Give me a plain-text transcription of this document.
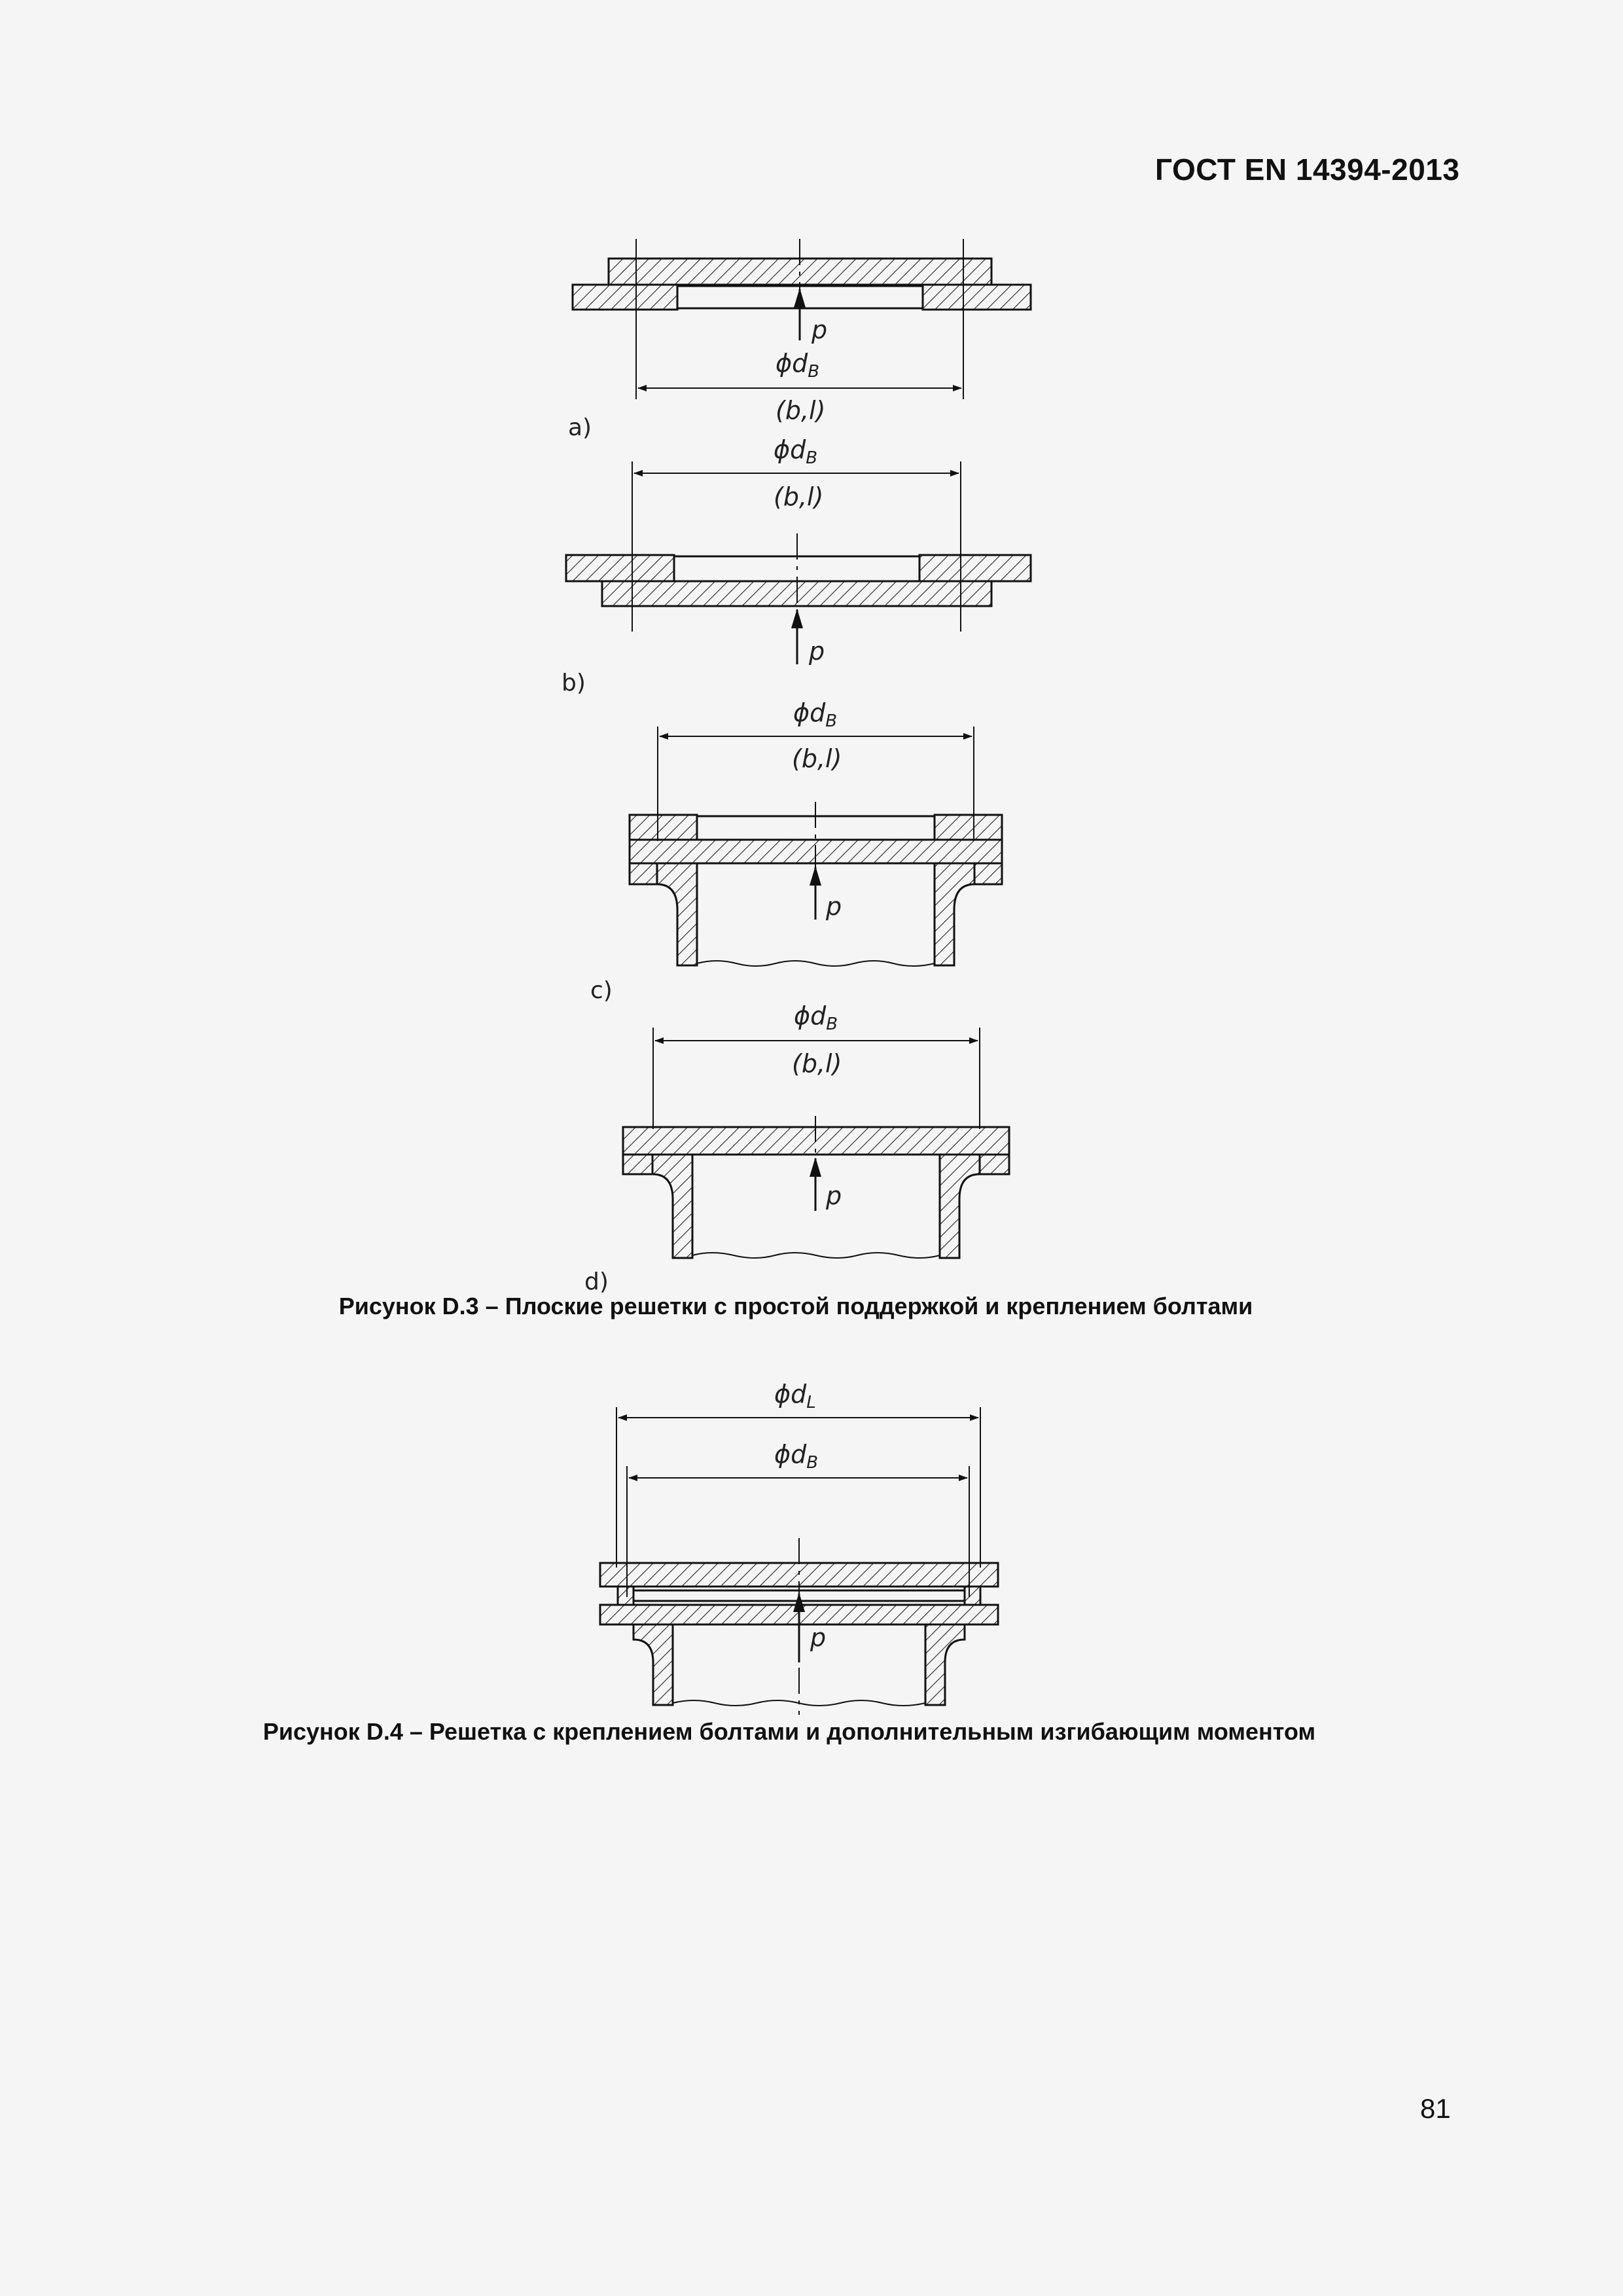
ГОСТ EN 14394-2013
p
$\phi d_B$
(b,l)
a)
$\phi d_B$
(b,l)
p
b)
$\phi d_B$
(b,l)
p
c)
$\phi d_B$
(b,l)
p
d)
$\phi d_L$
$\phi d_B$
p
Рисунок D.3 – Плоские решетки с простой поддержкой и креплением болтами
Рисунок D.4 – Решетка с креплением болтами и дополнительным изгибающим моментом
81
